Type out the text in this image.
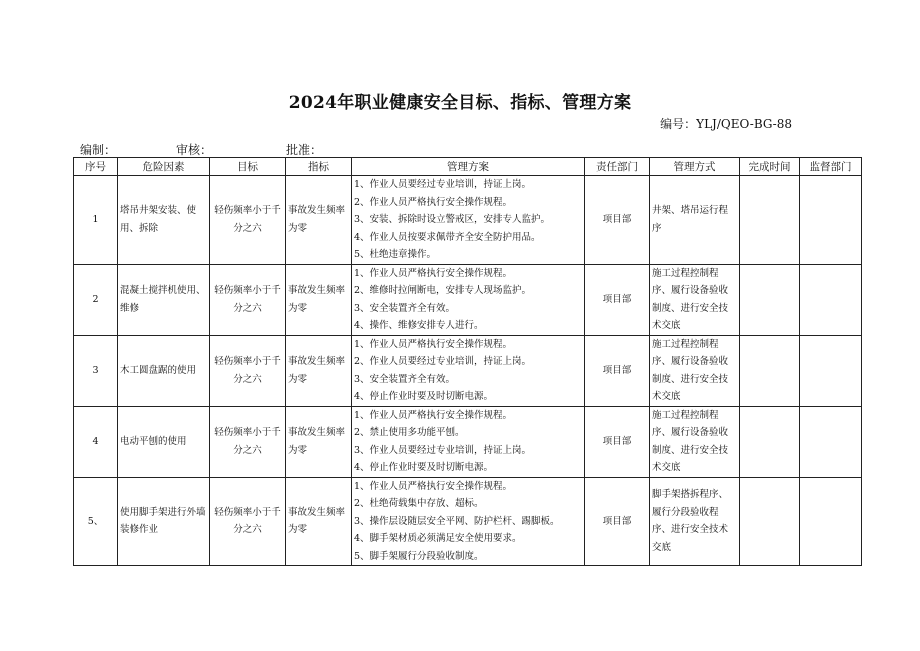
2024年职业健康安全目标、指标、管理方案
编号：YLJ/QEO-BG-88
编制：	审核：	批准：
序号	危险因素	目标	指标	管理方案	责任部门	管理方式	完成时间	监督部门
1	塔吊井架安装、使用、拆除	轻伤频率小于千分之六	事故发生频率为零	1、作业人员要经过专业培训，持证上岗。
2、作业人员严格执行安全操作规程。
3、安装、拆除时设立警戒区，安排专人监护。
4、作业人员按要求佩带齐全安全防护用品。
5、杜绝违章操作。	项目部	井架、塔吊运行程序		
2	混凝土搅拌机使用、维修	轻伤频率小于千分之六	事故发生频率为零	1、作业人员严格执行安全操作规程。
2、维修时拉闸断电，安排专人现场监护。
3、安全装置齐全有效。
4、操作、维修安排专人进行。	项目部	施工过程控制程序、履行设备验收制度、进行安全技术交底		
3	木工圆盘踞的使用	轻伤频率小于千分之六	事故发生频率为零	1、作业人员严格执行安全操作规程。
2、作业人员要经过专业培训，持证上岗。
3、安全装置齐全有效。
4、停止作业时要及时切断电源。	项目部	施工过程控制程序、履行设备验收制度、进行安全技术交底		
4	电动平刨的使用	轻伤频率小于千分之六	事故发生频率为零	1、作业人员严格执行安全操作规程。
2、禁止使用多功能平刨。
3、作业人员要经过专业培训，持证上岗。
4、停止作业时要及时切断电源。	项目部	施工过程控制程序、履行设备验收制度、进行安全技术交底		
5、	使用脚手架进行外墙装修作业	轻伤频率小于千分之六	事故发生频率为零	1、作业人员严格执行安全操作规程。
2、杜绝荷载集中存放、超标。
3、操作层设随层安全平网、防护栏杆、踢脚板。
4、脚手架材质必须满足安全使用要求。
5、脚手架履行分段验收制度。	项目部	脚手架搭拆程序、履行分段验收程序、进行安全技术交底		
